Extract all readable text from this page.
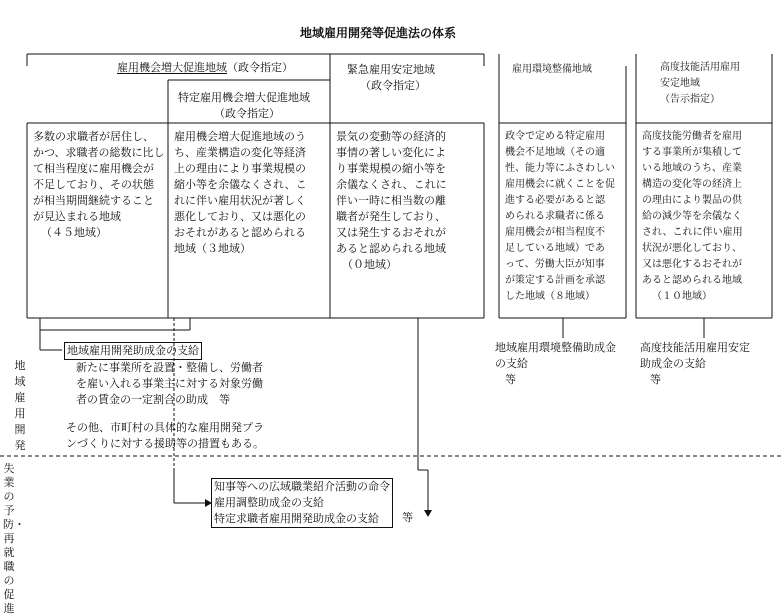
地域雇用開発等促進法の体系
雇用機会増大促進地域（政令指定）
多数の求職者が居住し、
かつ、求職者の総数に比し
て相当程度に雇用機会が
不足しており、その状態
が相当期間継続すること
が見込まれる地域
（４５地域）
特定雇用機会増大促進地域
（政令指定）
雇用機会増大促進地域のう
ち、産業構造の変化等経済
上の理由により事業規模の
縮小等を余儀なくされ、こ
れに伴い雇用状況が著しく
悪化しており、又は悪化の
おそれがあると認められる
地域（３地域）
緊急雇用安定地域
（政令指定）
景気の変動等の経済的
事情の著しい変化によ
り事業規模の縮小等を
余儀なくされ、これに
伴い一時に相当数の離
職者が発生しており、
又は発生するおそれが
あると認められる地域
（０地域）
雇用環境整備地域
政令で定める特定雇用
機会不足地域（その適
性、能力等にふさわしい
雇用機会に就くことを促
進する必要があると認
められる求職者に係る
雇用機会が相当程度不
足している地域）であ
って、労働大臣が知事
が策定する計画を承認
した地域（８地域）
地域雇用環境整備助成金
の支給
等
高度技能活用雇用
安定地域
（告示指定）
高度技能労働者を雇用
する事業所が集積して
いる地域のうち、産業
構造の変化等の経済上
の理由により製品の供
給の減少等を余儀なく
され、これに伴い雇用
状況が悪化しており、
又は悪化するおそれが
あると認められる地域
（１０地域）
高度技能活用雇用安定
助成金の支給
等
地域雇用開発
地域雇用開発助成金の支給
新たに事業所を設置・整備し、労働者
を雇い入れる事業主に対する対象労働
者の賃金の一定割合の助成　等
その他、市町村の具体的な雇用開発プラ
ンづくりに対する援助等の措置もある。
失業の予防・再就職の促進
知事等への広域職業紹介活動の命令
雇用調整助成金の支給
特定求職者雇用開発助成金の支給	等
